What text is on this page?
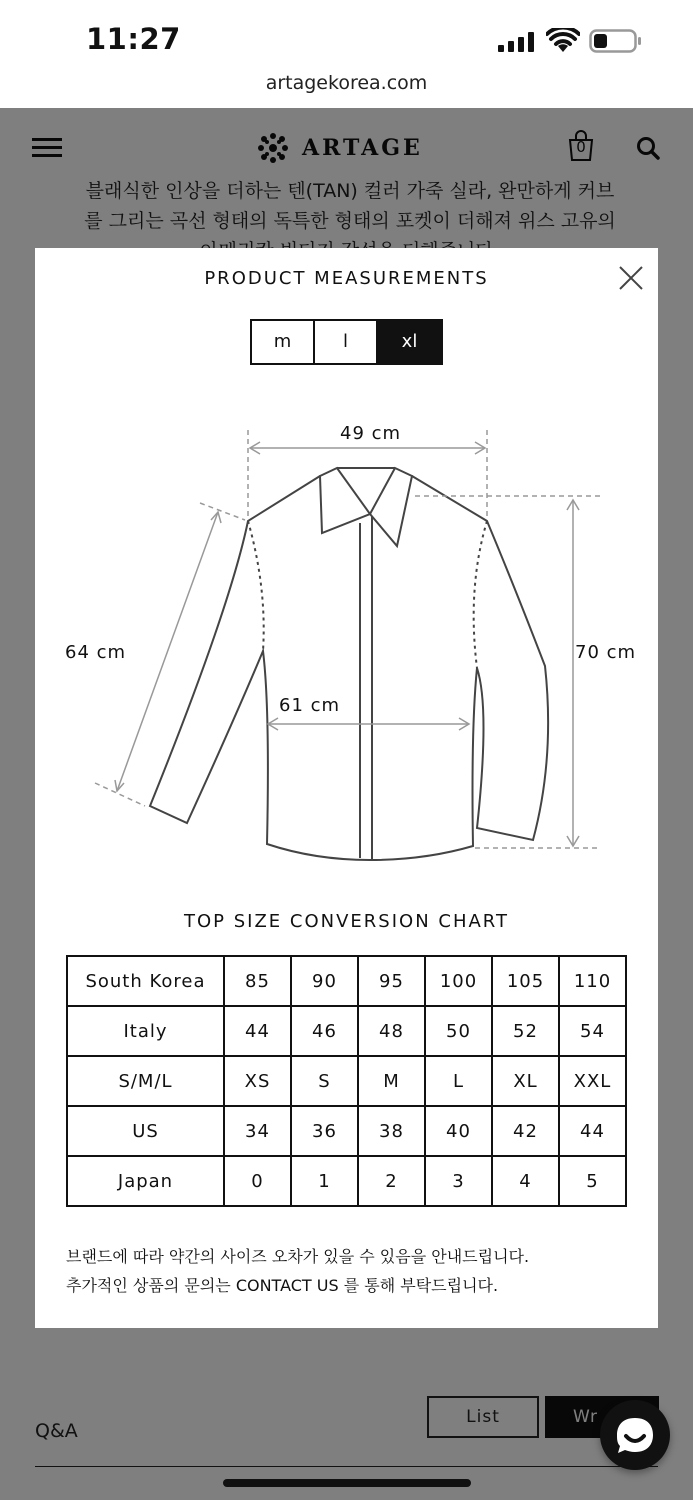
11:27
artagekorea.com
PRODUCT MEASUREMENTS
m	l	xl
49 cm
64 cm	70 cm
61 cm
TOP SIZE CONVERSION CHART
South Korea	85	90	95	100	105	110
Italy	44	46	48	50	52	54
S/M/L	XS	S	M	L	XL	XXL
US	34	36	38	40	42	44
Japan	0	1	2	3	4	5
브랜드에 따라 약간의 사이즈 오차가 있을 수 있음을 안내드립니다.
추가적인 상품의 문의는 CONTACT US 를 통해 부탁드립니다.
